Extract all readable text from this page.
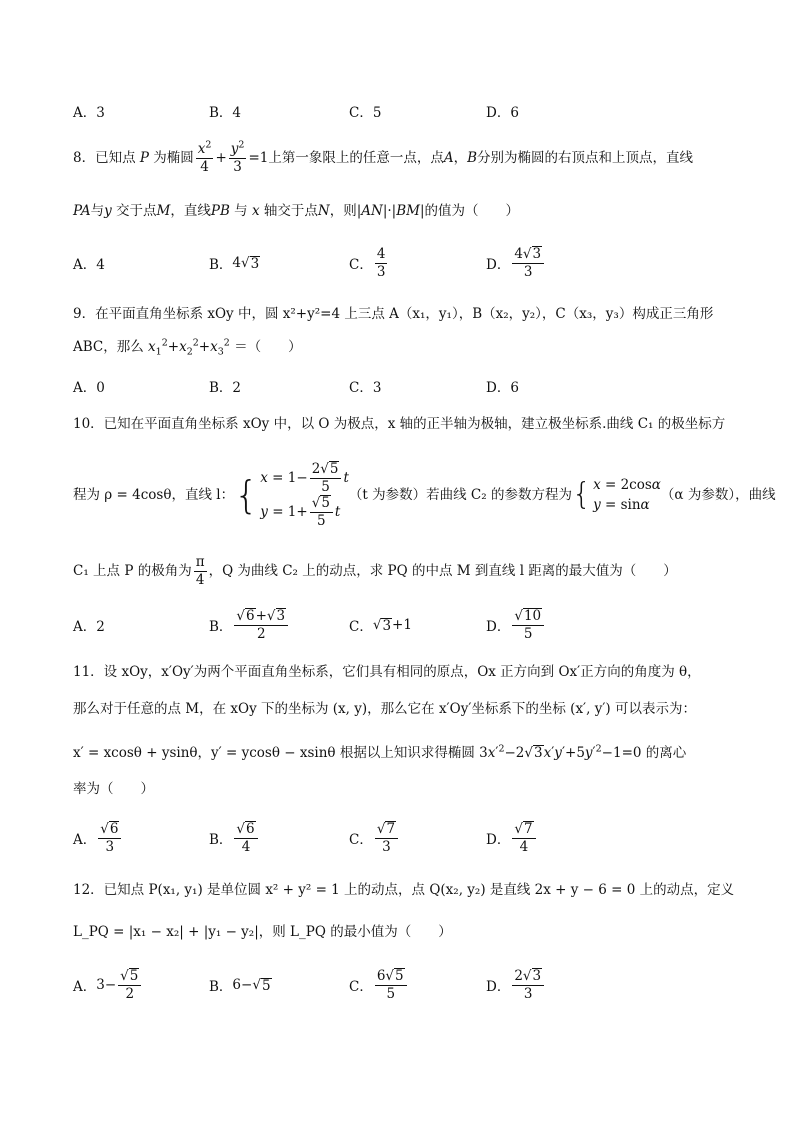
A．3	B．4	C．5	D．6
8．已知点 P 为椭圆 $\frac{x^2}{4} + \frac{y^2}{3} =1$ 上第一象限上的任意一点，点 A ， B 分别为椭圆的右顶点和上顶点，直线
PA与y 交于点M，直线PB 与 x 轴交于点N，则|AN|·|BM|的值为（　　）
A．4	B． 4√ 3	C． $\frac{4}{3}$	D． $\frac{4√3}{3}$
9．在平面直角坐标系 xOy 中，圆 x²+y²=4 上三点 A（x₁，y₁），B（x₂，y₂），C（x₃，y₃）构成正三角形
ABC，那么 $x_1^2+x_2^2+x_3^2$ ＝（　　）
A．0	B．2	C．3	D．6
10．已知在平面直角坐标系 xOy 中，以 O 为极点，x 轴的正半轴为极轴，建立极坐标系.曲线 C₁ 的极坐标方
程为 ρ = 4cosθ，直线 l： { $x = 1- \frac{2√5}{5}$ t
$y = 1+ \frac{√5}{5}$ t
（t 为参数）若曲线 C₂ 的参数方程为 { x = 2cos α
y = sin α
（α 为参数），曲线
C₁ 上点 P 的极角为 $\frac{\pi}{4}$ ，Q 为曲线 C₂ 上的动点，求 PQ 的中点 M 到直线 l 距离的最大值为（　　）
A．2	B． $\frac{√6+√3}{2}$	C． √ 3 +1	D． $\frac{√10}{5}$
11．设 xOy，x′Oy′为两个平面直角坐标系，它们具有相同的原点，Ox 正方向到 Ox′正方向的角度为 θ，
那么对于任意的点 M，在 xOy 下的坐标为 (x, y)，那么它在 x′Oy′坐标系下的坐标 (x′, y′) 可以表示为：
x′ = xcosθ + ysinθ，y′ = ycosθ − xsinθ 根据以上知识求得椭圆 $3x'^2-2√3x'y'+5y'^2-1=0$ 的离心
率为（　　）
A． $\frac{√6}{3}$	B． $\frac{√6}{4}$	C． $\frac{√7}{3}$	D． $\frac{√7}{4}$
12．已知点 P(x₁, y₁) 是单位圆 x² + y² = 1 上的动点，点 Q(x₂, y₂) 是直线 2x + y − 6 = 0 上的动点，定义
L_PQ = |x₁ − x₂| + |y₁ − y₂|，则 L_PQ 的最小值为（　　）
A． $3- \frac{√5}{2}$	B． 6−√ 5	C． $\frac{6√5}{5}$	D． $\frac{2√3}{3}$
